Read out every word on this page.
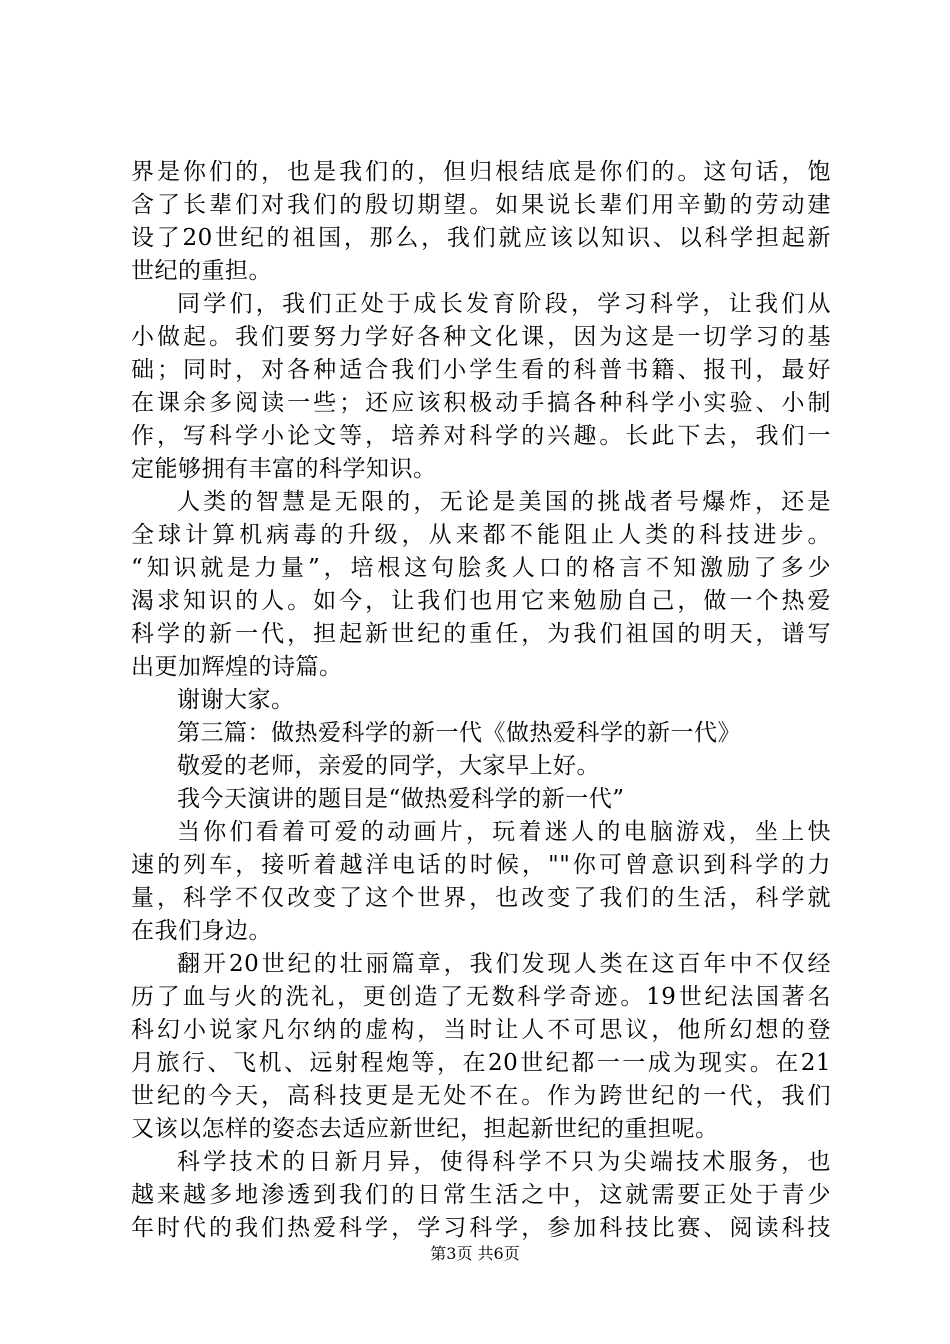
界是你们的，也是我们的，但归根结底是你们的。这句话，饱
含了长辈们对我们的殷切期望。如果说长辈们用辛勤的劳动建
设了20世纪的祖国，那么，我们就应该以知识、以科学担起新
世纪的重担。
同学们，我们正处于成长发育阶段，学习科学，让我们从
小做起。我们要努力学好各种文化课，因为这是一切学习的基
础；同时，对各种适合我们小学生看的科普书籍、报刊，最好
在课余多阅读一些；还应该积极动手搞各种科学小实验、小制
作，写科学小论文等，培养对科学的兴趣。长此下去，我们一
定能够拥有丰富的科学知识。
人类的智慧是无限的，无论是美国的挑战者号爆炸，还是
全球计算机病毒的升级，从来都不能阻止人类的科技进步。
“知识就是力量”，培根这句脍炙人口的格言不知激励了多少
渴求知识的人。如今，让我们也用它来勉励自己，做一个热爱
科学的新一代，担起新世纪的重任，为我们祖国的明天，谱写
出更加辉煌的诗篇。
谢谢大家。
第三篇：做热爱科学的新一代《做热爱科学的新一代》
敬爱的老师，亲爱的同学，大家早上好。
我今天演讲的题目是“做热爱科学的新一代”
当你们看着可爱的动画片，玩着迷人的电脑游戏，坐上快
速的列车，接听着越洋电话的时候，""你可曾意识到科学的力
量，科学不仅改变了这个世界，也改变了我们的生活，科学就
在我们身边。
翻开20世纪的壮丽篇章，我们发现人类在这百年中不仅经
历了血与火的洗礼，更创造了无数科学奇迹。19世纪法国著名
科幻小说家凡尔纳的虚构，当时让人不可思议，他所幻想的登
月旅行、飞机、远射程炮等，在20世纪都一一成为现实。在21
世纪的今天，高科技更是无处不在。作为跨世纪的一代，我们
又该以怎样的姿态去适应新世纪，担起新世纪的重担呢。
科学技术的日新月异，使得科学不只为尖端技术服务，也
越来越多地渗透到我们的日常生活之中，这就需要正处于青少
年时代的我们热爱科学，学习科学，参加科技比赛、阅读科技
第3页 共6页
